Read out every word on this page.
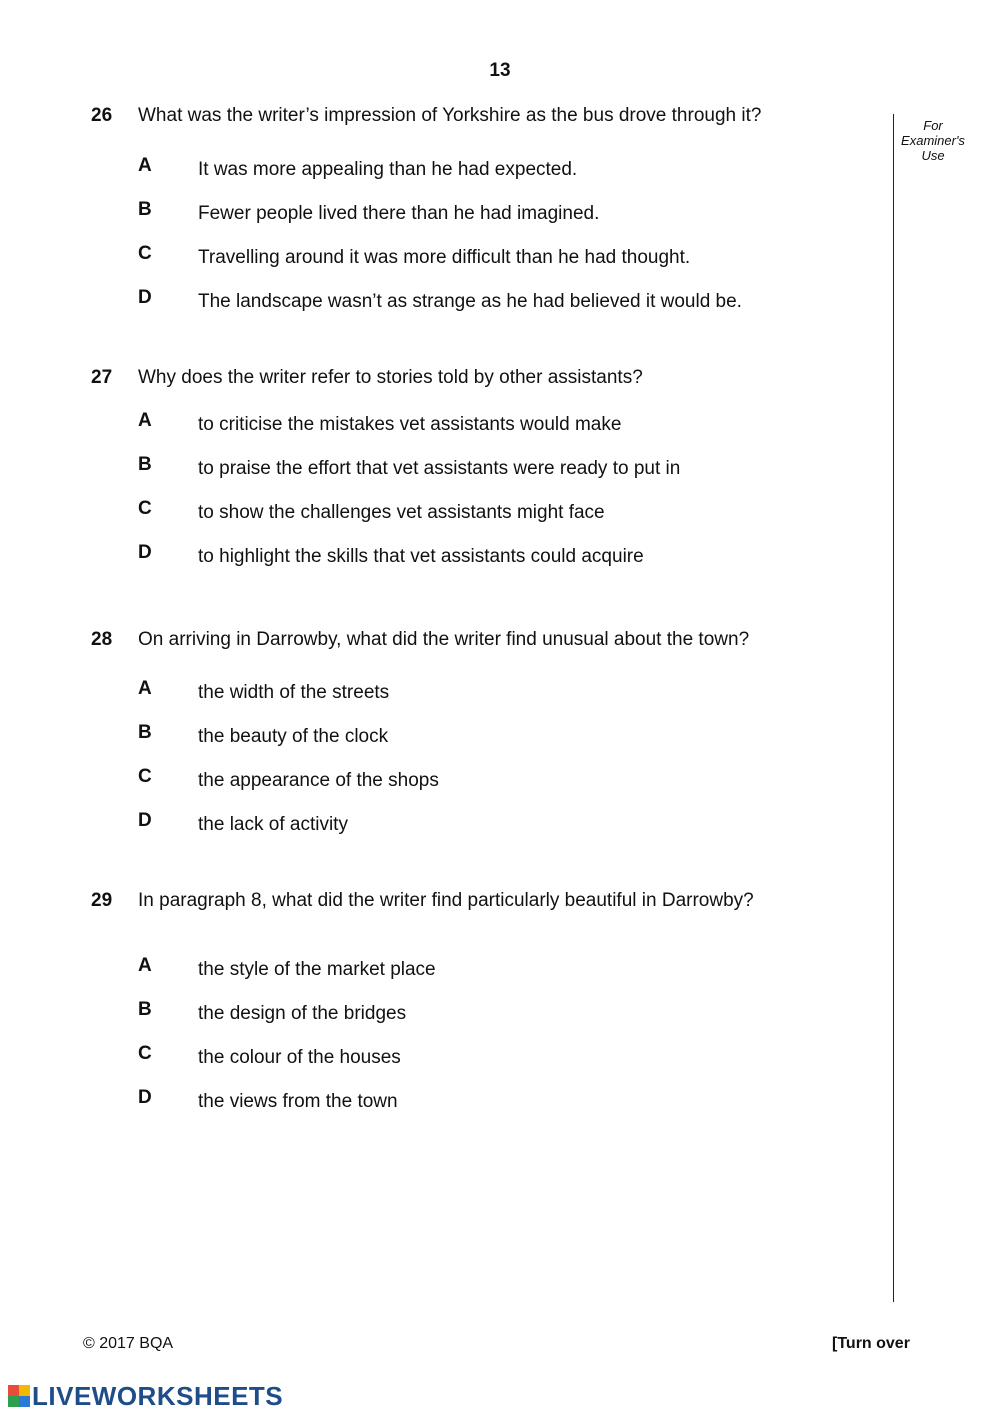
13
For Examiner's Use
26 What was the writer’s impression of Yorkshire as the bus drove through it?
A It was more appealing than he had expected.
B Fewer people lived there than he had imagined.
C Travelling around it was more difficult than he had thought.
D The landscape wasn’t as strange as he had believed it would be.
27 Why does the writer refer to stories told by other assistants?
A to criticise the mistakes vet assistants would make
B to praise the effort that vet assistants were ready to put in
C to show the challenges vet assistants might face
D to highlight the skills that vet assistants could acquire
28 On arriving in Darrowby, what did the writer find unusual about the town?
A the width of the streets
B the beauty of the clock
C the appearance of the shops
D the lack of activity
29 In paragraph 8, what did the writer find particularly beautiful in Darrowby?
A the style of the market place
B the design of the bridges
C the colour of the houses
D the views from the town
© 2017 BQA	[Turn over
LIVEWORKSHEETS
